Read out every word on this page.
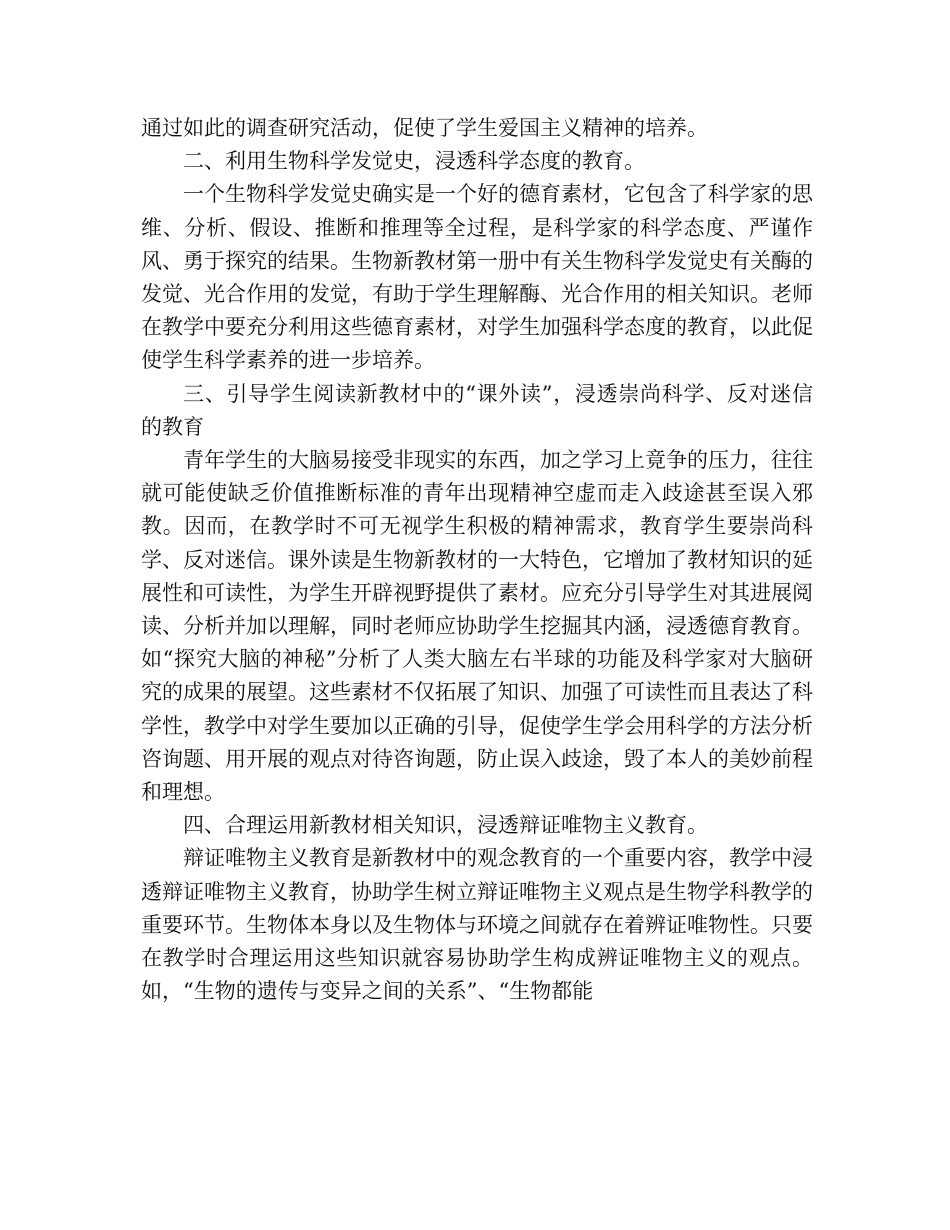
通过如此的调查研究活动，促使了学生爱国主义精神的培养。

二、利用生物科学发觉史，浸透科学态度的教育。

一个生物科学发觉史确实是一个好的德育素材，它包含了科学家的思维、分析、假设、推断和推理等全过程，是科学家的科学态度、严谨作风、勇于探究的结果。生物新教材第一册中有关生物科学发觉史有关酶的发觉、光合作用的发觉，有助于学生理解酶、光合作用的相关知识。老师在教学中要充分利用这些德育素材，对学生加强科学态度的教育，以此促使学生科学素养的进一步培养。

三、引导学生阅读新教材中的“课外读”，浸透崇尚科学、反对迷信的教育

青年学生的大脑易接受非现实的东西，加之学习上竟争的压力，往往就可能使缺乏价值推断标准的青年出现精神空虚而走入歧途甚至误入邪教。因而，在教学时不可无视学生积极的精神需求，教育学生要崇尚科学、反对迷信。课外读是生物新教材的一大特色，它增加了教材知识的延展性和可读性，为学生开辟视野提供了素材。应充分引导学生对其进展阅读、分析并加以理解，同时老师应协助学生挖掘其内涵，浸透德育教育。如“探究大脑的神秘”分析了人类大脑左右半球的功能及科学家对大脑研究的成果的展望。这些素材不仅拓展了知识、加强了可读性而且表达了科学性，教学中对学生要加以正确的引导，促使学生学会用科学的方法分析咨询题、用开展的观点对待咨询题，防止误入歧途，毁了本人的美妙前程和理想。

四、合理运用新教材相关知识，浸透辩证唯物主义教育。

辩证唯物主义教育是新教材中的观念教育的一个重要内容，教学中浸透辩证唯物主义教育，协助学生树立辩证唯物主义观点是生物学科教学的重要环节。生物体本身以及生物体与环境之间就存在着辨证唯物性。只要在教学时合理运用这些知识就容易协助学生构成辨证唯物主义的观点。如，“生物的遗传与变异之间的关系”、“生物都能
